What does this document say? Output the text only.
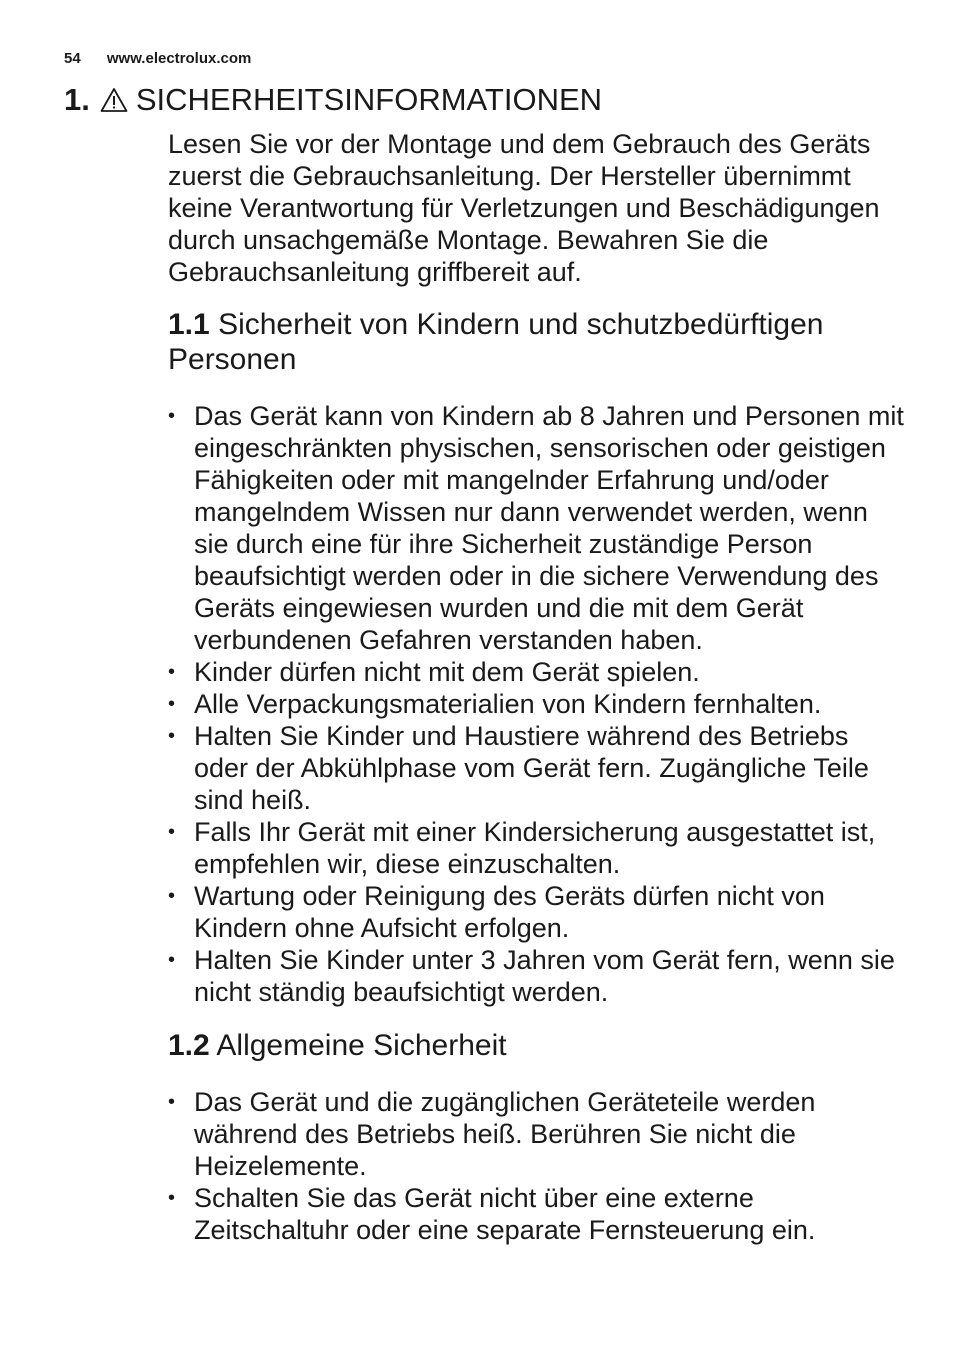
54 www.electrolux.com
1. SICHERHEITSINFORMATIONEN

Lesen Sie vor der Montage und dem Gebrauch des Geräts zuerst die Gebrauchsanleitung. Der Hersteller übernimmt keine Verantwortung für Verletzungen und Beschädigungen durch unsachgemäße Montage. Bewahren Sie die Gebrauchsanleitung griffbereit auf.

1.1 Sicherheit von Kindern und schutzbedürftigen Personen
• Das Gerät kann von Kindern ab 8 Jahren und Personen mit eingeschränkten physischen, sensorischen oder geistigen Fähigkeiten oder mit mangelnder Erfahrung und/oder mangelndem Wissen nur dann verwendet werden, wenn sie durch eine für ihre Sicherheit zuständige Person beaufsichtigt werden oder in die sichere Verwendung des Geräts eingewiesen wurden und die mit dem Gerät verbundenen Gefahren verstanden haben.
• Kinder dürfen nicht mit dem Gerät spielen.
• Alle Verpackungsmaterialien von Kindern fernhalten.
• Halten Sie Kinder und Haustiere während des Betriebs oder der Abkühlphase vom Gerät fern. Zugängliche Teile sind heiß.
• Falls Ihr Gerät mit einer Kindersicherung ausgestattet ist, empfehlen wir, diese einzuschalten.
• Wartung oder Reinigung des Geräts dürfen nicht von Kindern ohne Aufsicht erfolgen.
• Halten Sie Kinder unter 3 Jahren vom Gerät fern, wenn sie nicht ständig beaufsichtigt werden.
1.2 Allgemeine Sicherheit
• Das Gerät und die zugänglichen Geräteteile werden während des Betriebs heiß. Berühren Sie nicht die Heizelemente.
• Schalten Sie das Gerät nicht über eine externe Zeitschaltuhr oder eine separate Fernsteuerung ein.
